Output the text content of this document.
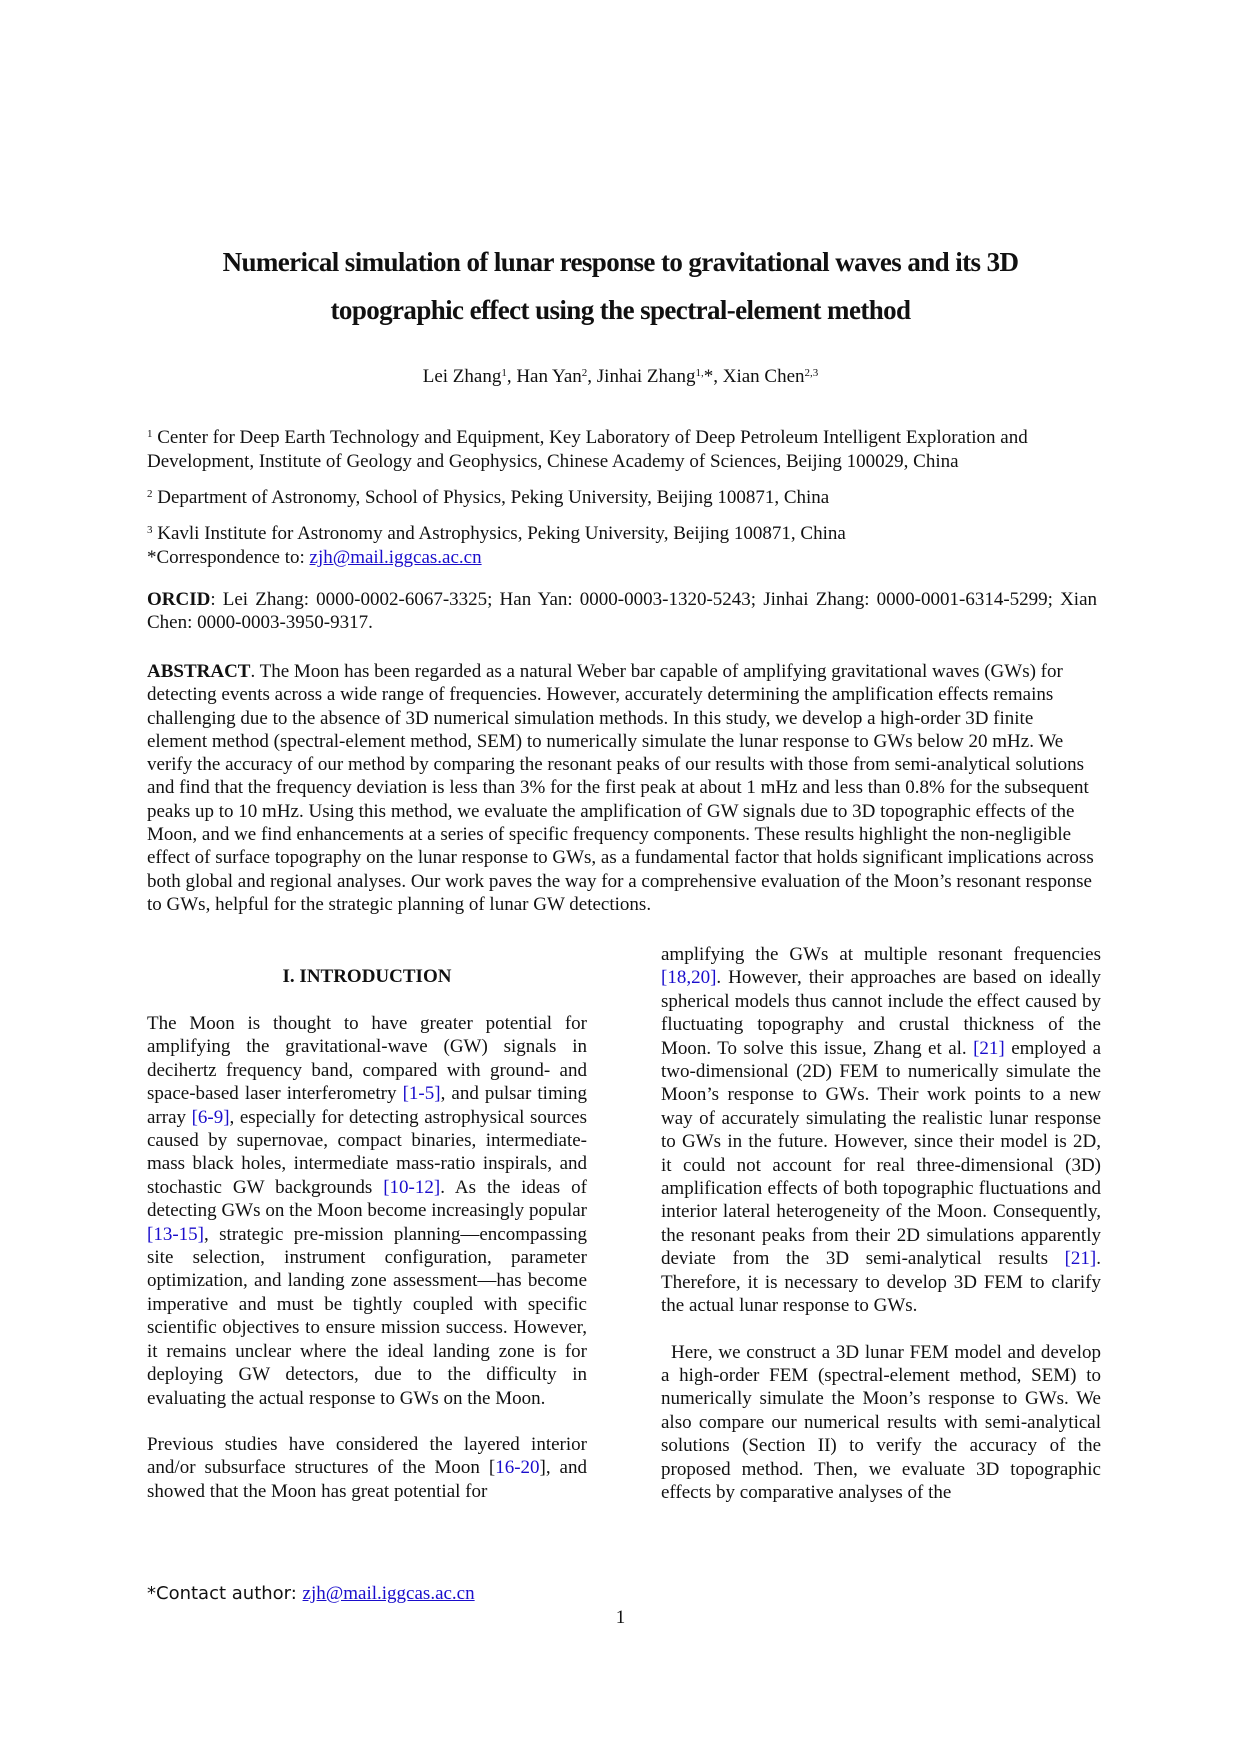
Numerical simulation of lunar response to gravitational waves and its 3D
topographic effect using the spectral-element method
Lei Zhang$^1$, Han Yan$^2$, Jinhai Zhang$^{1,}$*, Xian Chen$^{2,3}$
$^1$ Center for Deep Earth Technology and Equipment, Key Laboratory of Deep Petroleum Intelligent Exploration and Development, Institute of Geology and Geophysics, Chinese Academy of Sciences, Beijing 100029, China
$^2$ Department of Astronomy, School of Physics, Peking University, Beijing 100871, China
$^3$ Kavli Institute for Astronomy and Astrophysics, Peking University, Beijing 100871, China
*Correspondence to: zjh@mail.iggcas.ac.cn
ORCID: Lei Zhang: 0000-0002-6067-3325; Han Yan: 0000-0003-1320-5243; Jinhai Zhang: 0000-0001-6314-5299; Xian Chen: 0000-0003-3950-9317.
ABSTRACT. The Moon has been regarded as a natural Weber bar capable of amplifying gravitational waves (GWs) for detecting events across a wide range of frequencies. However, accurately determining the amplification effects remains challenging due to the absence of 3D numerical simulation methods. In this study, we develop a high-order 3D finite element method (spectral-element method, SEM) to numerically simulate the lunar response to GWs below 20 mHz. We verify the accuracy of our method by comparing the resonant peaks of our results with those from semi-analytical solutions and find that the frequency deviation is less than 3% for the first peak at about 1 mHz and less than 0.8% for the subsequent peaks up to 10 mHz. Using this method, we evaluate the amplification of GW signals due to 3D topographic effects of the Moon, and we find enhancements at a series of specific frequency components. These results highlight the non-negligible effect of surface topography on the lunar response to GWs, as a fundamental factor that holds significant implications across both global and regional analyses. Our work paves the way for a comprehensive evaluation of the Moon’s resonant response to GWs, helpful for the strategic planning of lunar GW detections.
I. INTRODUCTION

The Moon is thought to have greater potential for amplifying the gravitational-wave (GW) signals in decihertz frequency band, compared with ground- and space-based laser interferometry [1-5], and pulsar timing array [6-9], especially for detecting astrophysical sources caused by supernovae, compact binaries, intermediate-mass black holes, intermediate mass-ratio inspirals, and stochastic GW backgrounds [10-12]. As the ideas of detecting GWs on the Moon become increasingly popular [13-15], strategic pre-mission planning—encompassing site selection, instrument configuration, parameter optimization, and landing zone assessment—has become imperative and must be tightly coupled with specific scientific objectives to ensure mission success. However, it remains unclear where the ideal landing zone is for deploying GW detectors, due to the difficulty in evaluating the actual response to GWs on the Moon.

Previous studies have considered the layered interior and/or subsurface structures of the Moon [16-20], and showed that the Moon has great potential for

amplifying the GWs at multiple resonant frequencies [18,20]. However, their approaches are based on ideally spherical models thus cannot include the effect caused by fluctuating topography and crustal thickness of the Moon. To solve this issue, Zhang et al. [21] employed a two-dimensional (2D) FEM to numerically simulate the Moon’s response to GWs. Their work points to a new way of accurately simulating the realistic lunar response to GWs in the future. However, since their model is 2D, it could not account for real three-dimensional (3D) amplification effects of both topographic fluctuations and interior lateral heterogeneity of the Moon. Consequently, the resonant peaks from their 2D simulations apparently deviate from the 3D semi-analytical results [21]. Therefore, it is necessary to develop 3D FEM to clarify the actual lunar response to GWs.

Here, we construct a 3D lunar FEM model and develop a high-order FEM (spectral-element method, SEM) to numerically simulate the Moon’s response to GWs. We also compare our numerical results with semi-analytical solutions (Section II) to verify the accuracy of the proposed method. Then, we evaluate 3D topographic effects by comparative analyses of the

*Contact author: zjh@mail.iggcas.ac.cn
1
